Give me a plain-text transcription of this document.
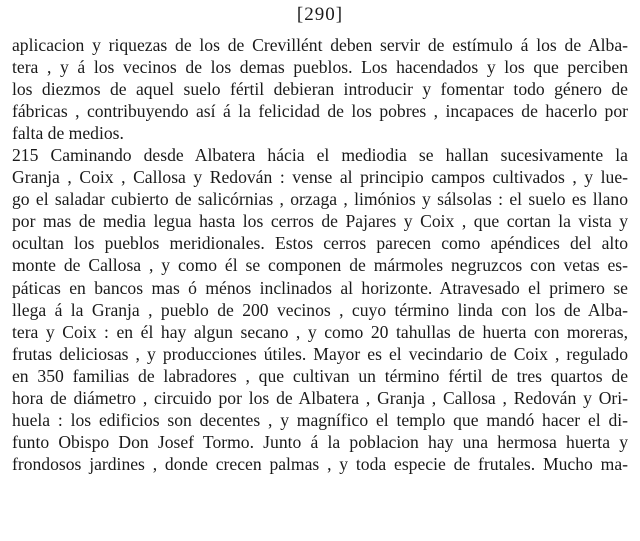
[290]
aplicacion y riquezas de los de Crevillént deben servir de estímulo á los de Alba-
tera , y á los vecinos de los demas pueblos. Los hacendados y los que perciben
los diezmos de aquel suelo fértil debieran introducir y fomentar todo género de
fábricas , contribuyendo así á la felicidad de los pobres , incapaces de hacerlo por
falta de medios.
215 Caminando desde Albatera hácia el mediodia se hallan sucesivamente la
Granja , Coix , Callosa y Redován : vense al principio campos cultivados , y lue-
go el saladar cubierto de salicórnias , orzaga , limónios y sálsolas : el suelo es llano
por mas de media legua hasta los cerros de Pajares y Coix , que cortan la vista y
ocultan los pueblos meridionales. Estos cerros parecen como apéndices del alto
monte de Callosa , y como él se componen de mármoles negruzcos con vetas es-
páticas en bancos mas ó ménos inclinados al horizonte. Atravesado el primero se
llega á la Granja , pueblo de 200 vecinos , cuyo término linda con los de Alba-
tera y Coix : en él hay algun secano , y como 20 tahullas de huerta con moreras,
frutas deliciosas , y producciones útiles. Mayor es el vecindario de Coix , regulado
en 350 familias de labradores , que cultivan un término fértil de tres quartos de
hora de diámetro , circuido por los de Albatera , Granja , Callosa , Redován y Ori-
huela : los edificios son decentes , y magnífico el templo que mandó hacer el di-
funto Obispo Don Josef Tormo. Junto á la poblacion hay una hermosa huerta y
frondosos jardines , donde crecen palmas , y toda especie de frutales. Mucho ma-
